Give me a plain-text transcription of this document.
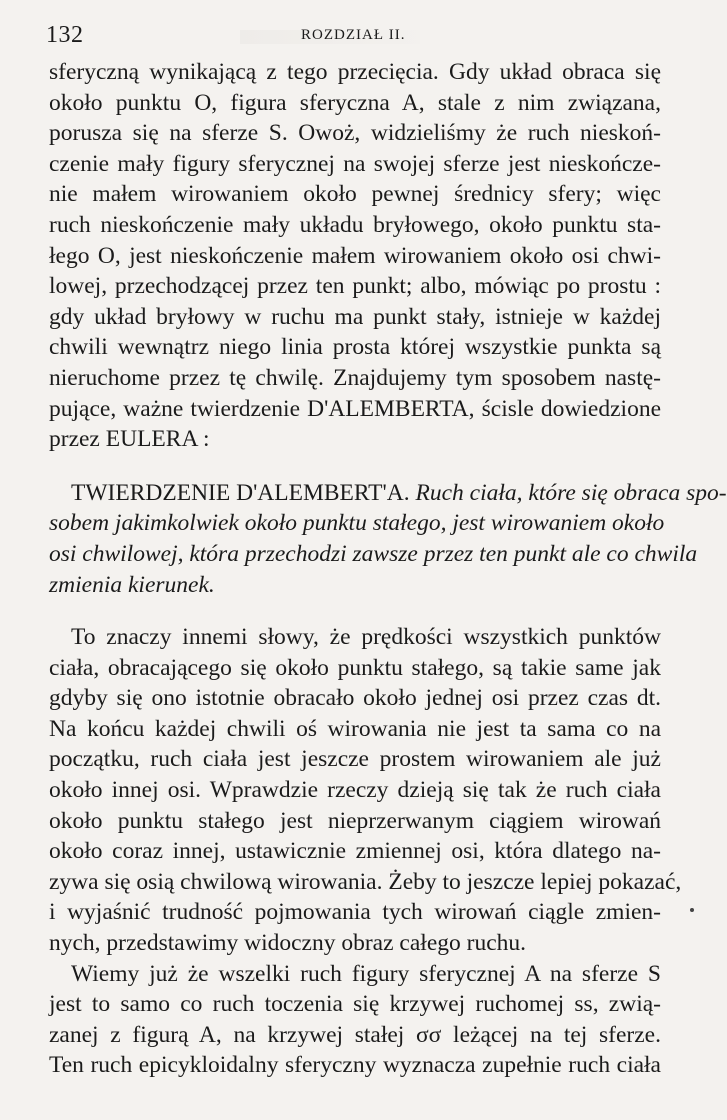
132	ROZDZIAŁ II.
sferyczną wynikającą z tego przecięcia. Gdy układ obraca się
około punktu O, figura sferyczna A, stale z nim związana,
porusza się na sferze S. Owoż, widzieliśmy że ruch nieskoń-
czenie mały figury sferycznej na swojej sferze jest nieskończe-
nie małem wirowaniem około pewnej średnicy sfery; więc
ruch nieskończenie mały układu bryłowego, około punktu sta-
łego O, jest nieskończenie małem wirowaniem około osi chwi-
lowej, przechodzącej przez ten punkt; albo, mówiąc po prostu :
gdy układ bryłowy w ruchu ma punkt stały, istnieje w każdej
chwili wewnątrz niego linia prosta której wszystkie punkta są
nieruchome przez tę chwilę. Znajdujemy tym sposobem nastę-
pujące, ważne twierdzenie D'ALEMBERTA, ścisle dowiedzione
przez EULERA :
TWIERDZENIE D'ALEMBERT'A. Ruch ciała, które się obraca spo-
sobem jakimkolwiek około punktu stałego, jest wirowaniem około
osi chwilowej, która przechodzi zawsze przez ten punkt ale co chwila
zmienia kierunek.
To znaczy innemi słowy, że prędkości wszystkich punktów
ciała, obracającego się około punktu stałego, są takie same jak
gdyby się ono istotnie obracało około jednej osi przez czas dt.
Na końcu każdej chwili oś wirowania nie jest ta sama co na
początku, ruch ciała jest jeszcze prostem wirowaniem ale już
około innej osi. Wprawdzie rzeczy dzieją się tak że ruch ciała
około punktu stałego jest nieprzerwanym ciągiem wirowań
około coraz innej, ustawicznie zmiennej osi, która dlatego na-
zywa się osią chwilową wirowania. Żeby to jeszcze lepiej pokazać,
i wyjaśnić trudność pojmowania tych wirowań ciągle zmien-
nych, przedstawimy widoczny obraz całego ruchu.
Wiemy już że wszelki ruch figury sferycznej A na sferze S
jest to samo co ruch toczenia się krzywej ruchomej ss, zwią-
zanej z figurą A, na krzywej stałej σσ leżącej na tej sferze.
Ten ruch epicykloidalny sferyczny wyznacza zupełnie ruch ciała
